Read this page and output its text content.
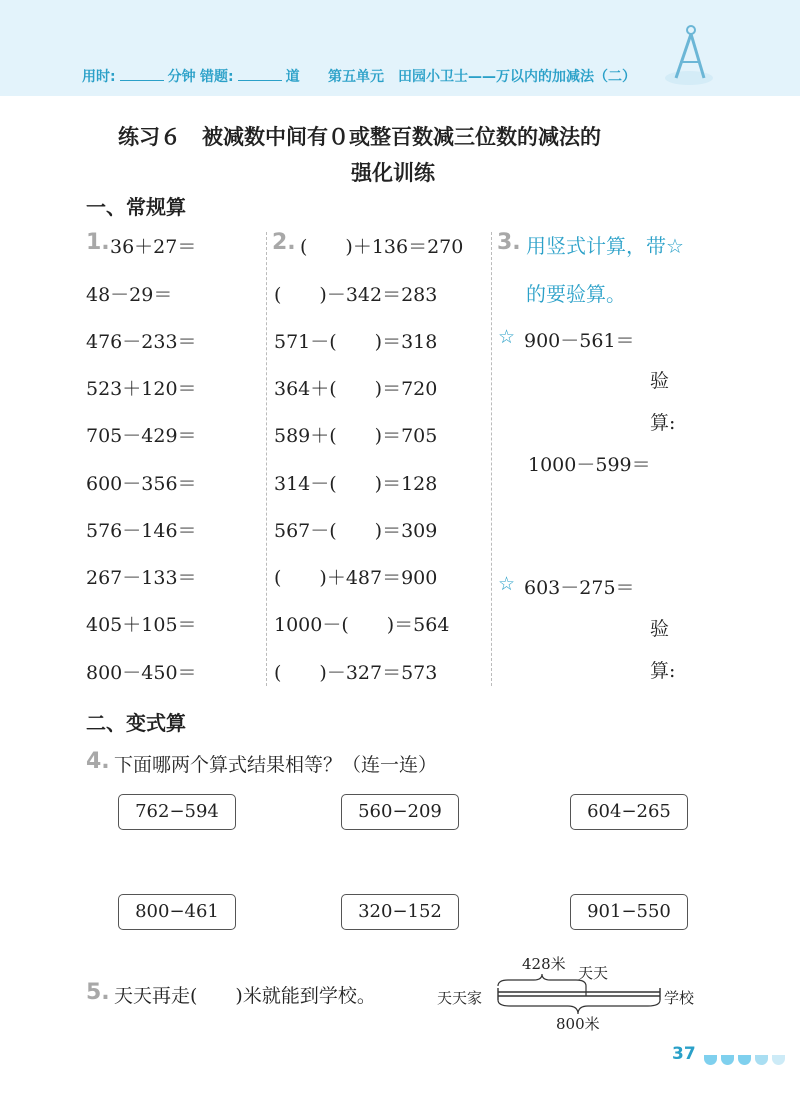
用时:	分钟 错题:	道 第五单元　田园小卫士——万以内的加减法（二）
练习６　被减数中间有０或整百数减三位数的减法的
强化训练
一、常规算
1.	2.	3.
36＋27＝
48－29＝
476－233＝
523＋120＝
705－429＝
600－356＝
576－146＝
267－133＝
405＋105＝
800－450＝
(　　)＋136＝270
(　　)－342＝283
571－(　　)＝318
364＋(　　)＝720
589＋(　　)＝705
314－(　　)＝128
567－(　　)＝309
(　　)＋487＝900
1000－(　　)＝564
(　　)－327＝573
用竖式计算，带☆
的要验算。
☆ 900－561＝
验
算:
1000－599＝
☆ 603－275＝
验
算:
二、变式算
4. 下面哪两个算式结果相等？（连一连）
762−594	560−209	604−265
800−461	320−152	901−550
5. 天天再走(　　)米就能到学校。	天天家	学校
428米 天天
800米
37
